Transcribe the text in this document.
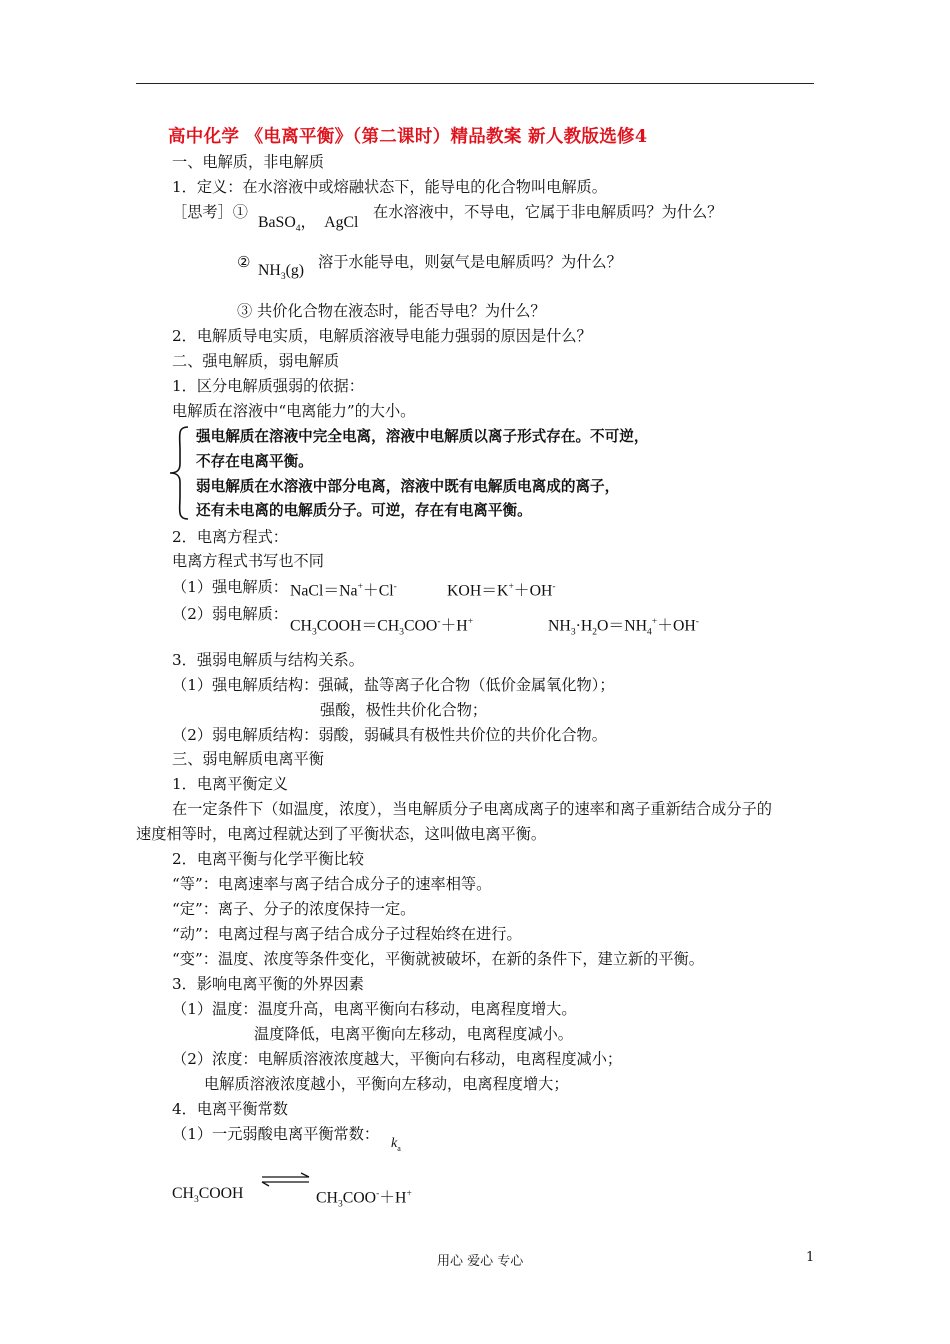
高中化学 《电离平衡》（第二课时）精品教案 新人教版选修4
一、电解质，非电解质
1．定义：在水溶液中或熔融状态下，能导电的化合物叫电解质。
［思考］①
BaSO$_4$，  AgCl
在水溶液中，不导电，它属于非电解质吗？为什么？
② $NH_3(g)$ 溶于水能导电，则氨气是电解质吗？为什么？
③ 共价化合物在液态时，能否导电？为什么？
2．电解质导电实质，电解质溶液导电能力强弱的原因是什么？
二、强电解质，弱电解质
1．区分电解质强弱的依据：
电解质在溶液中“电离能力”的大小。
强电解质在溶液中完全电离，溶液中电解质以离子形式存在。不可逆，
不存在电离平衡。
弱电解质在水溶液中部分电离，溶液中既有电解质电离成的离子，
还有未电离的电解质分子。可逆，存在有电离平衡。
2．电离方程式：
电离方程式书写也不同
（1）强电解质： NaCl＝Na+＋Cl-	KOH＝K+＋OH-
（2）弱电解质：
$CH_3COOH=CH_3COO^-+H^+$	$NH_3\cdot H_2O=NH_4^++OH^-$
3．强弱电解质与结构关系。
（1）强电解质结构：强碱，盐等离子化合物（低价金属氧化物）；
强酸，极性共价化合物；
（2）弱电解质结构：弱酸，弱碱具有极性共价位的共价化合物。
三、弱电解质电离平衡
1．电离平衡定义
在一定条件下（如温度，浓度），当电解质分子电离成离子的速率和离子重新结合成分子的
速度相等时，电离过程就达到了平衡状态，这叫做电离平衡。
2．电离平衡与化学平衡比较
“等”：电离速率与离子结合成分子的速率相等。
“定”：离子、分子的浓度保持一定。
“动”：电离过程与离子结合成分子过程始终在进行。
“变”：温度、浓度等条件变化，平衡就被破坏，在新的条件下，建立新的平衡。
3．影响电离平衡的外界因素
（1）温度：温度升高，电离平衡向右移动，电离程度增大。
温度降低，电离平衡向左移动，电离程度减小。
（2）浓度：电解质溶液浓度越大，平衡向右移动，电离程度减小；
电解质溶液浓度越小，平衡向左移动，电离程度增大；
4．电离平衡常数
（1）一元弱酸电离平衡常数：
$k_a$
$CH_3COOH$	$CH_3COO^-+H^+$
用心 爱心 专心	1
